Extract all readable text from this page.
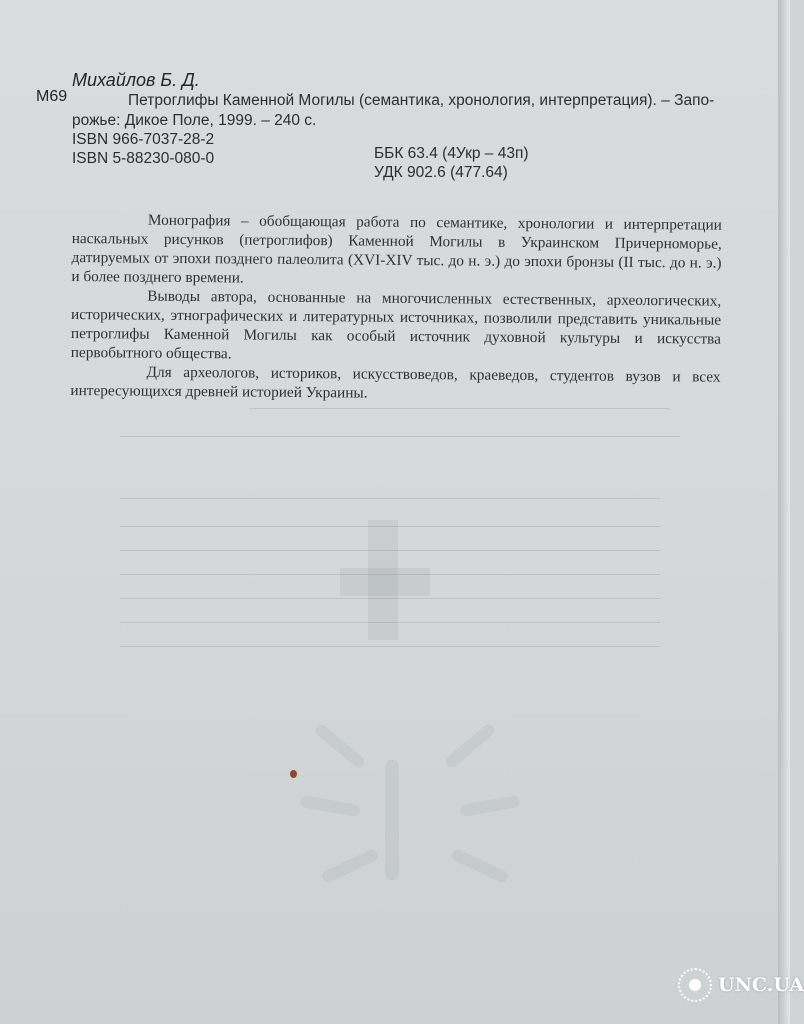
Михайлов Б. Д.
М69	Петроглифы Каменной Могилы (семантика, хронология, интерпретация). – Запо-
рожье: Дикое Поле, 1999. – 240 с.
ISBN 966-7037-28-2
ISBN 5-88230-080-0	ББК 63.4 (4Укр – 43п)
УДК 902.6 (477.64)

Монография – обобщающая работа по семантике, хронологии и интерпретации наскальных рисунков (петроглифов) Каменной Могилы в Украинском Причерноморье, датируемых от эпохи позднего палеолита (XVI-XIV тыс. до н. э.) до эпохи бронзы (II тыс. до н. э.) и более позднего времени.

Выводы автора, основанные на многочисленных естественных, археологических, исторических, этнографических и литературных источниках, позволили представить уникальные петроглифы Каменной Могилы как особый источник духовной культуры и искусства первобытного общества.

Для археологов, историков, искусствоведов, краеведов, студентов вузов и всех интересующихся древней историей Украины.

UNC.UA
